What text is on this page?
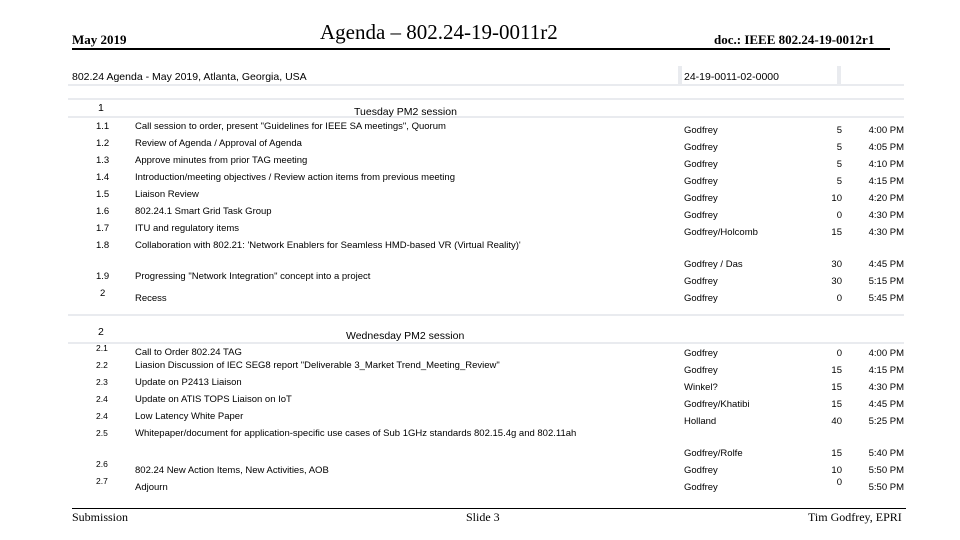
May 2019	Agenda – 802.24-19-0011r2	doc.: IEEE 802.24-19-0012r1
802.24 Agenda - May 2019, Atlanta, Georgia, USA	24-19-0011-02-0000
1	Tuesday PM2 session
1.1	Call session to order, present "Guidelines for IEEE SA meetings", Quorum	Godfrey	5	4:00 PM
1.2	Review of Agenda / Approval of Agenda	Godfrey	5	4:05 PM
1.3	Approve minutes from prior TAG meeting	Godfrey	5	4:10 PM
1.4	Introduction/meeting objectives / Review action items from previous meeting	Godfrey	5	4:15 PM
1.5	Liaison Review	Godfrey	10	4:20 PM
1.6	802.24.1 Smart Grid Task Group	Godfrey	0	4:30 PM
1.7	ITU and regulatory items	Godfrey/Holcomb	15	4:30 PM
1.8	Collaboration with 802.21: 'Network Enablers for Seamless HMD-based VR (Virtual Reality)'
Godfrey / Das	30	4:45 PM
1.9	Progressing "Network Integration" concept into a project	Godfrey	30	5:15 PM
2	Recess	Godfrey	0	5:45 PM
2	Wednesday PM2 session
2.1	Call to Order 802.24 TAG	Godfrey	0	4:00 PM
2.2	Liasion Discussion of IEC SEG8 report "Deliverable 3_Market Trend_Meeting_Review"	Godfrey	15	4:15 PM
2.3	Update on P2413 Liaison	Winkel?	15	4:30 PM
2.4	Update on ATIS TOPS Liaison on IoT	Godfrey/Khatibi	15	4:45 PM
2.4	Low Latency White Paper	Holland	40	5:25 PM
2.5	Whitepaper/document for application-specific use cases of Sub 1GHz standards 802.15.4g and 802.11ah
Godfrey/Rolfe	15	5:40 PM
2.6
802.24 New Action Items, New Activities, AOB	Godfrey	10	5:50 PM
2.7
Adjourn	Godfrey	0	5:50 PM
Submission	Slide 3	Tim Godfrey, EPRI
